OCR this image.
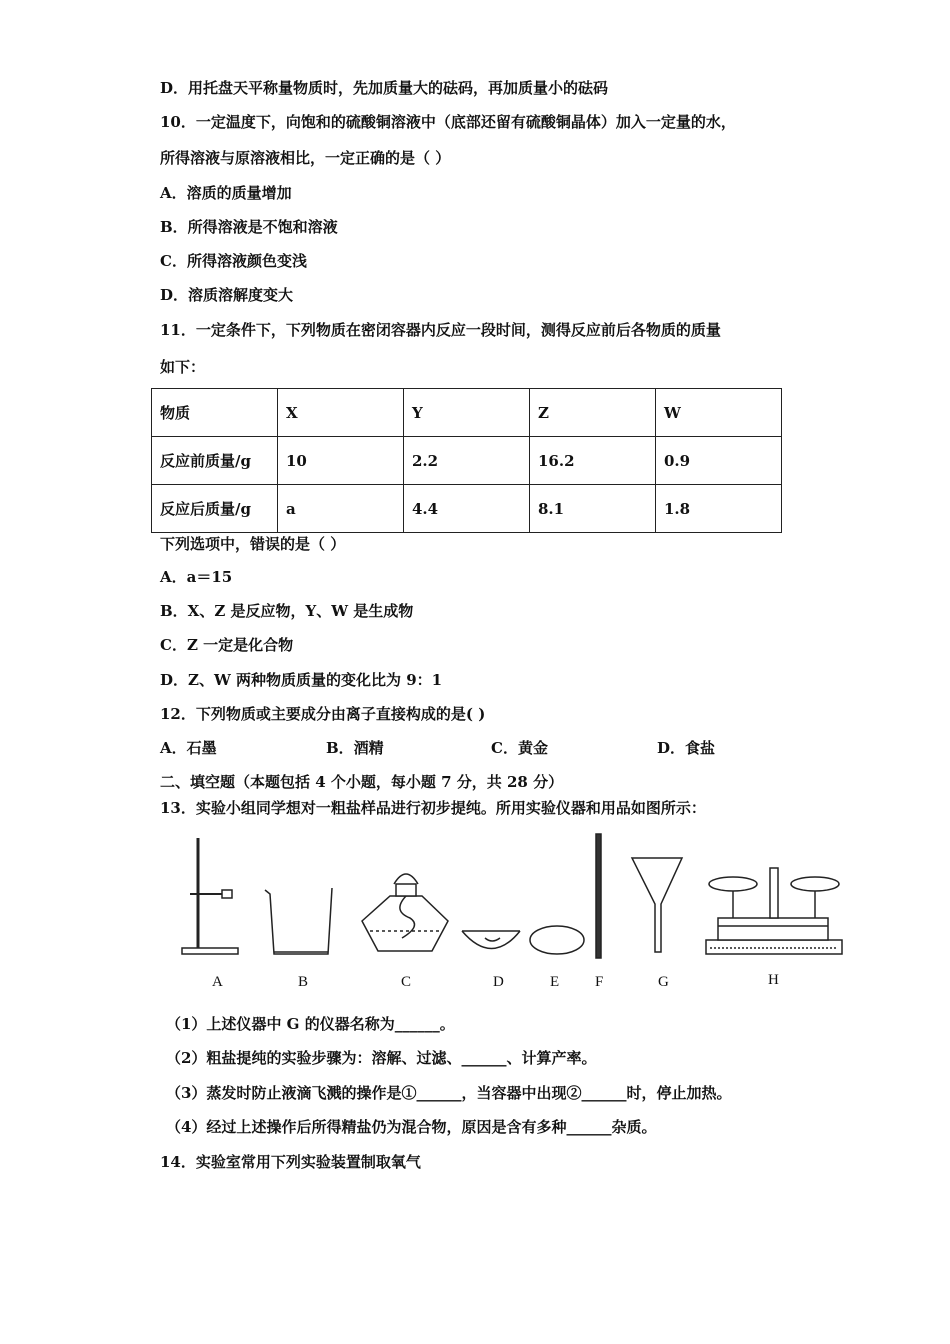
D．用托盘天平称量物质时，先加质量大的砝码，再加质量小的砝码
10．一定温度下，向饱和的硫酸铜溶液中（底部还留有硫酸铜晶体）加入一定量的水，
所得溶液与原溶液相比，一定正确的是（ ）
A．溶质的质量增加
B．所得溶液是不饱和溶液
C．所得溶液颜色变浅
D．溶质溶解度变大
11．一定条件下，下列物质在密闭容器内反应一段时间，测得反应前后各物质的质量
如下：
物质	X	Y	Z	W
反应前质量/g	10	2.2	16.2	0.9
反应后质量/g	a	4.4	8.1	1.8
下列选项中，错误的是（ ）
A．a＝15
B．X、Z 是反应物，Y、W 是生成物
C．Z 一定是化合物
D．Z、W 两种物质质量的变化比为 9：1
12．下列物质或主要成分由离子直接构成的是( )
A．石墨	B．酒精	C．黄金	D．食盐
二、填空题（本题包括 4 个小题，每小题 7 分，共 28 分）
13．实验小组同学想对一粗盐样品进行初步提纯。所用实验仪器和用品如图所示：
A	B	C	D	E F	G	H
（1）上述仪器中 G 的仪器名称为______。
（2）粗盐提纯的实验步骤为：溶解、过滤、______、计算产率。
（3）蒸发时防止液滴飞溅的操作是①______，当容器中出现②______时，停止加热。
（4）经过上述操作后所得精盐仍为混合物，原因是含有多种______杂质。
14．实验室常用下列实验装置制取氧气
